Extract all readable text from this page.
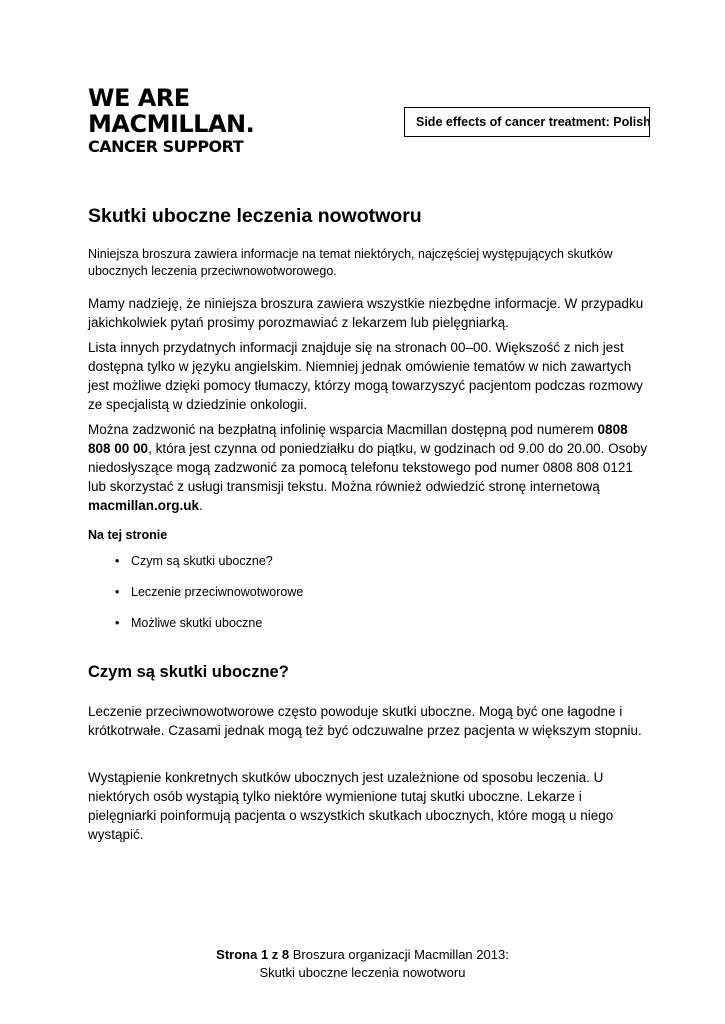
WE ARE
MACMILLAN.
CANCER SUPPORT
Side effects of cancer treatment: Polish
Skutki uboczne leczenia nowotworu

Niniejsza broszura zawiera informacje na temat niektórych, najczęściej występujących skutków ubocznych leczenia przeciwnowotworowego.

Mamy nadzieję, że niniejsza broszura zawiera wszystkie niezbędne informacje. W przypadku jakichkolwiek pytań prosimy porozmawiać z lekarzem lub pielęgniarką.

Lista innych przydatnych informacji znajduje się na stronach 00–00. Większość z nich jest dostępna tylko w języku angielskim. Niemniej jednak omówienie tematów w nich zawartych jest możliwe dzięki pomocy tłumaczy, którzy mogą towarzyszyć pacjentom podczas rozmowy ze specjalistą w dziedzinie onkologii.

Można zadzwonić na bezpłatną infolinię wsparcia Macmillan dostępną pod numerem 0808 808 00 00, która jest czynna od poniedziałku do piątku, w godzinach od 9.00 do 20.00. Osoby niedosłyszące mogą zadzwonić za pomocą telefonu tekstowego pod numer 0808 808 0121 lub skorzystać z usługi transmisji tekstu. Można również odwiedzić stronę internetową macmillan.org.uk.

Na tej stronie
• Czym są skutki uboczne?
• Leczenie przeciwnowotworowe
• Możliwe skutki uboczne
Czym są skutki uboczne?

Leczenie przeciwnowotworowe często powoduje skutki uboczne. Mogą być one łagodne i krótkotrwałe. Czasami jednak mogą też być odczuwalne przez pacjenta w większym stopniu.

Wystąpienie konkretnych skutków ubocznych jest uzależnione od sposobu leczenia. U niektórych osób wystąpią tylko niektóre wymienione tutaj skutki uboczne. Lekarze i pielęgniarki poinformują pacjenta o wszystkich skutkach ubocznych, które mogą u niego wystąpić.

Strona 1 z 8 Broszura organizacji Macmillan 2013:
Skutki uboczne leczenia nowotworu
